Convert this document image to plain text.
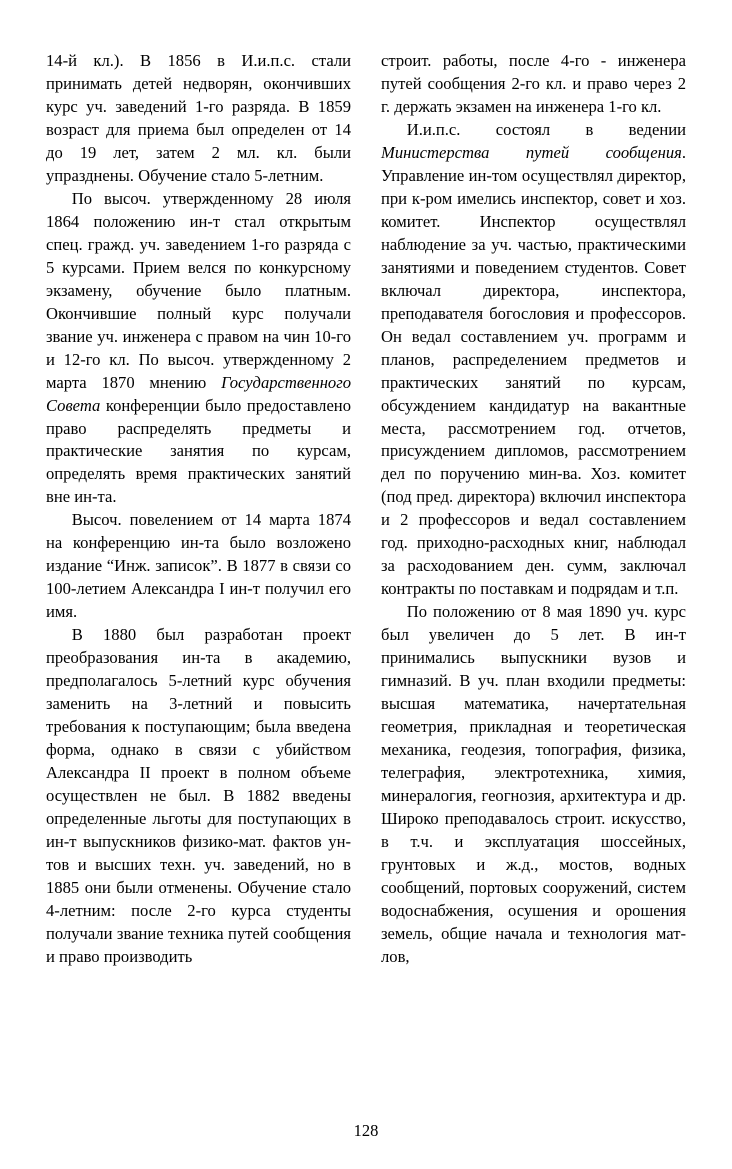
14-й кл.). В 1856 в И.и.п.с. стали принимать детей недворян, окончивших курс уч. заведений 1-го разряда. В 1859 возраст для приема был определен от 14 до 19 лет, затем 2 мл. кл. были упразднены. Обучение стало 5-летним.

По высоч. утвержденному 28 июля 1864 положению ин-т стал открытым спец. гражд. уч. заведением 1-го разряда с 5 курсами. Прием велся по конкурсному экзамену, обучение было платным. Окончившие полный курс получали звание уч. инженера с правом на чин 10-го и 12-го кл. По высоч. утвержденному 2 марта 1870 мнению Государственного Совета конференции было предоставлено право распределять предметы и практические занятия по курсам, определять время практических занятий вне ин-та.

Высоч. повелением от 14 марта 1874 на конференцию ин-та было возложено издание “Инж. записок”. В 1877 в связи со 100-летием Александра I ин-т получил его имя.

В 1880 был разработан проект преобразования ин-та в академию, предполагалось 5-летний курс обучения заменить на 3-летний и повысить требования к поступающим; была введена форма, однако в связи с убийством Александра II проект в полном объеме осуществлен не был. В 1882 введены определенные льготы для поступающих в ин-т выпускников физико-мат. фактов ун-тов и высших техн. уч. заведений, но в 1885 они были отменены. Обучение стало 4-летним: после 2-го курса студенты получали звание техника путей сообщения и право производить

строит. работы, после 4-го - инженера путей сообщения 2-го кл. и право через 2 г. держать экзамен на инженера 1-го кл.

И.и.п.с. состоял в ведении Министерства путей сообщения. Управление ин-том осуществлял директор, при к-ром имелись инспектор, совет и хоз. комитет. Инспектор осуществлял наблюдение за уч. частью, практическими занятиями и поведением студентов. Совет включал директора, инспектора, преподавателя богословия и профессоров. Он ведал составлением уч. программ и планов, распределением предметов и практических занятий по курсам, обсуждением кандидатур на вакантные места, рассмотрением год. отчетов, присуждением дипломов, рассмотрением дел по поручению мин-ва. Хоз. комитет (под пред. директора) включил инспектора и 2 профессоров и ведал составлением год. приходно-расходных книг, наблюдал за расходованием ден. сумм, заключал контракты по поставкам и подрядам и т.п.

По положению от 8 мая 1890 уч. курс был увеличен до 5 лет. В ин-т принимались выпускники вузов и гимназий. В уч. план входили предметы: высшая математика, начертательная геометрия, прикладная и теоретическая механика, геодезия, топография, физика, телеграфия, электротехника, химия, минералогия, геогнозия, архитектура и др. Широко преподавалось строит. искусство, в т.ч. и эксплуатация шоссейных, грунтовых и ж.д., мостов, водных сообщений, портовых сооружений, систем водоснабжения, осушения и орошения земель, общие начала и технология мат-лов,

128
